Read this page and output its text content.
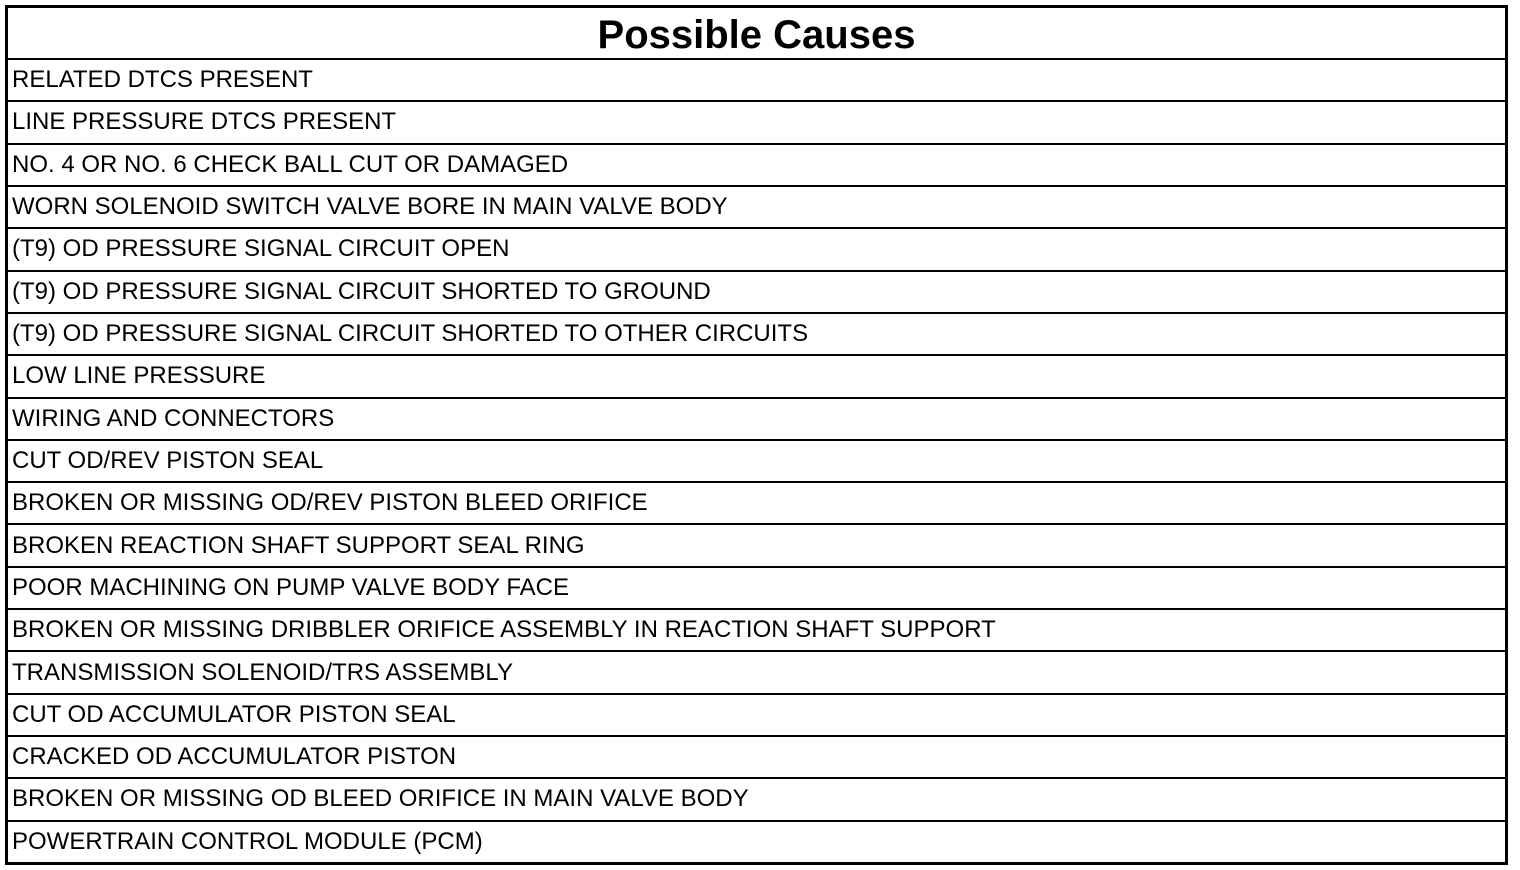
Possible Causes
RELATED DTCS PRESENT
LINE PRESSURE DTCS PRESENT
NO. 4 OR NO. 6 CHECK BALL CUT OR DAMAGED
WORN SOLENOID SWITCH VALVE BORE IN MAIN VALVE BODY
(T9) OD PRESSURE SIGNAL CIRCUIT OPEN
(T9) OD PRESSURE SIGNAL CIRCUIT SHORTED TO GROUND
(T9) OD PRESSURE SIGNAL CIRCUIT SHORTED TO OTHER CIRCUITS
LOW LINE PRESSURE
WIRING AND CONNECTORS
CUT OD/REV PISTON SEAL
BROKEN OR MISSING OD/REV PISTON BLEED ORIFICE
BROKEN REACTION SHAFT SUPPORT SEAL RING
POOR MACHINING ON PUMP VALVE BODY FACE
BROKEN OR MISSING DRIBBLER ORIFICE ASSEMBLY IN REACTION SHAFT SUPPORT
TRANSMISSION SOLENOID/TRS ASSEMBLY
CUT OD ACCUMULATOR PISTON SEAL
CRACKED OD ACCUMULATOR PISTON
BROKEN OR MISSING OD BLEED ORIFICE IN MAIN VALVE BODY
POWERTRAIN CONTROL MODULE (PCM)
